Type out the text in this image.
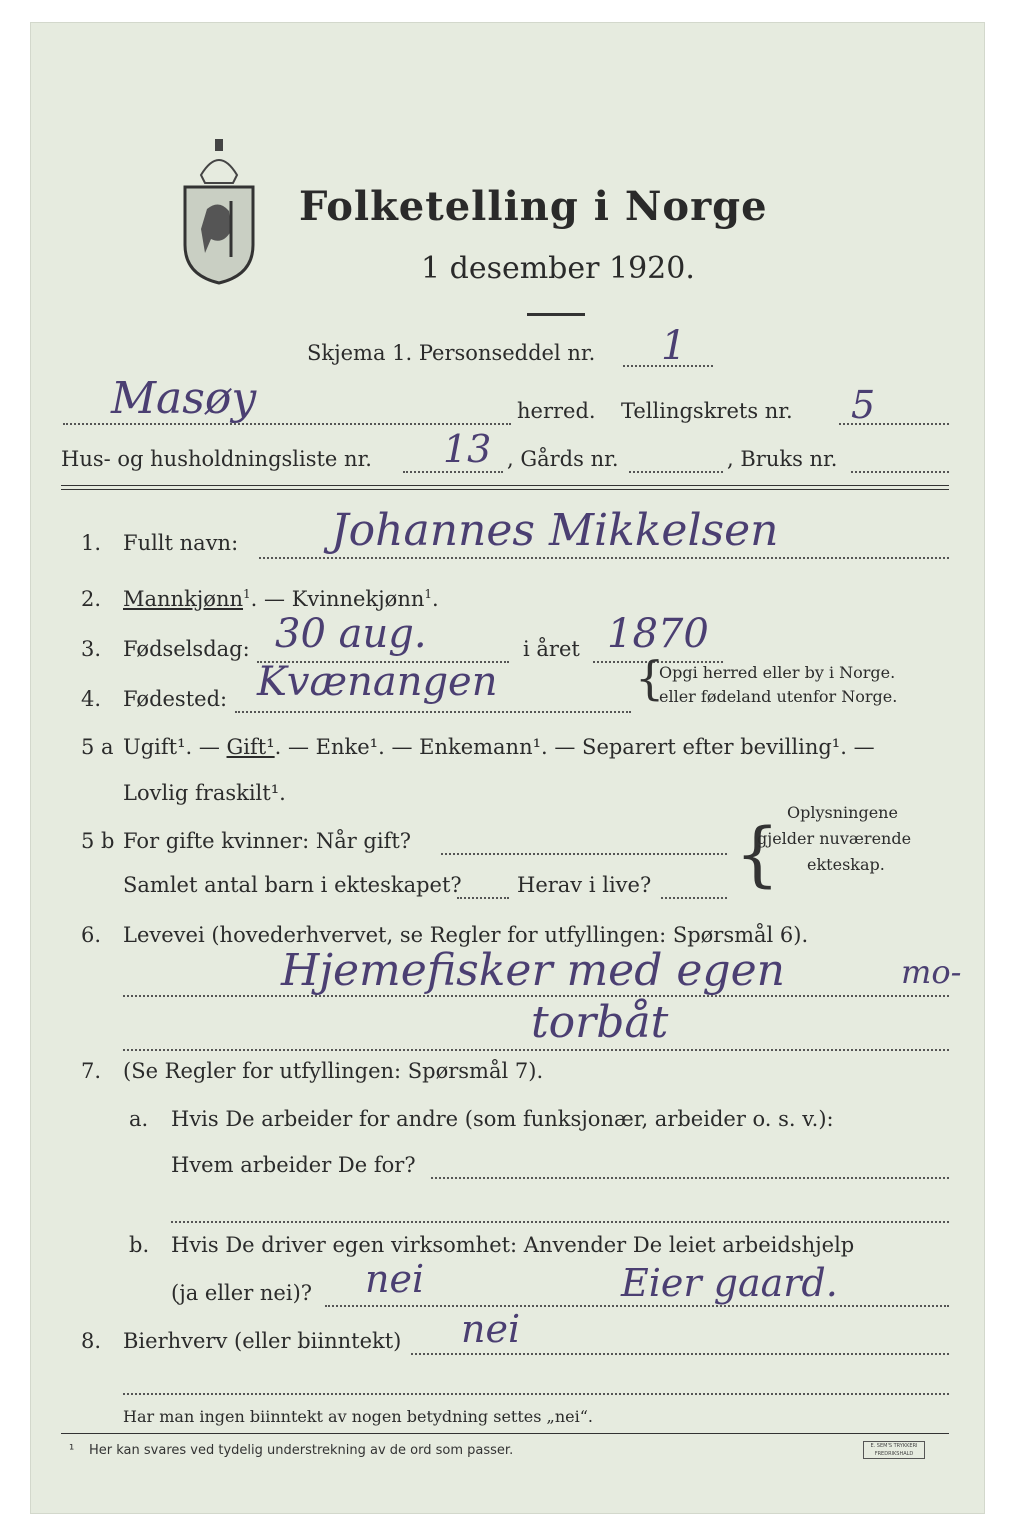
Folketelling i Norge
1 desember 1920.
Skjema 1. Personseddel nr. 1
Masøy	herred. Tellingskrets nr. 5
Hus- og husholdningsliste nr. 13 , Gårds nr.	, Bruks nr.
1. Fullt navn: Johannes Mikkelsen
2. Mannkjønn$^1$. — Kvinnekjønn$^1$.
3. Fødselsdag: 30 aug.	i året 1870
4. Fødested: Kvænangen	{
Opgi herred eller by i Norge.
eller fødeland utenfor Norge.
5 a Ugift¹. — Gift¹. — Enke¹. — Enkemann¹. — Separert efter bevilling¹. —
Lovlig fraskilt¹.
5 b For gifte kvinner: Når gift?
Samlet antal barn i ekteskapet?	Herav i live? {
Oplysningene
gjelder nuværende
ekteskap.
6. Levevei (hovederhvervet, se Regler for utfyllingen: Spørsmål 6).
Hjemefisker med egen	mo-
torbåt
7. (Se Regler for utfyllingen: Spørsmål 7).
a. Hvis De arbeider for andre (som funksjonær, arbeider o. s. v.):
Hvem arbeider De for?
b. Hvis De driver egen virksomhet: Anvender De leiet arbeidshjelp
(ja eller nei)? nei	Eier gaard.
8. Bierhverv (eller biinntekt) nei
Har man ingen biinntekt av nogen betydning settes „nei“.
¹ Her kan svares ved tydelig understrekning av de ord som passer.	E. SEM'S TRYKKERI FREDRIKSHALD
